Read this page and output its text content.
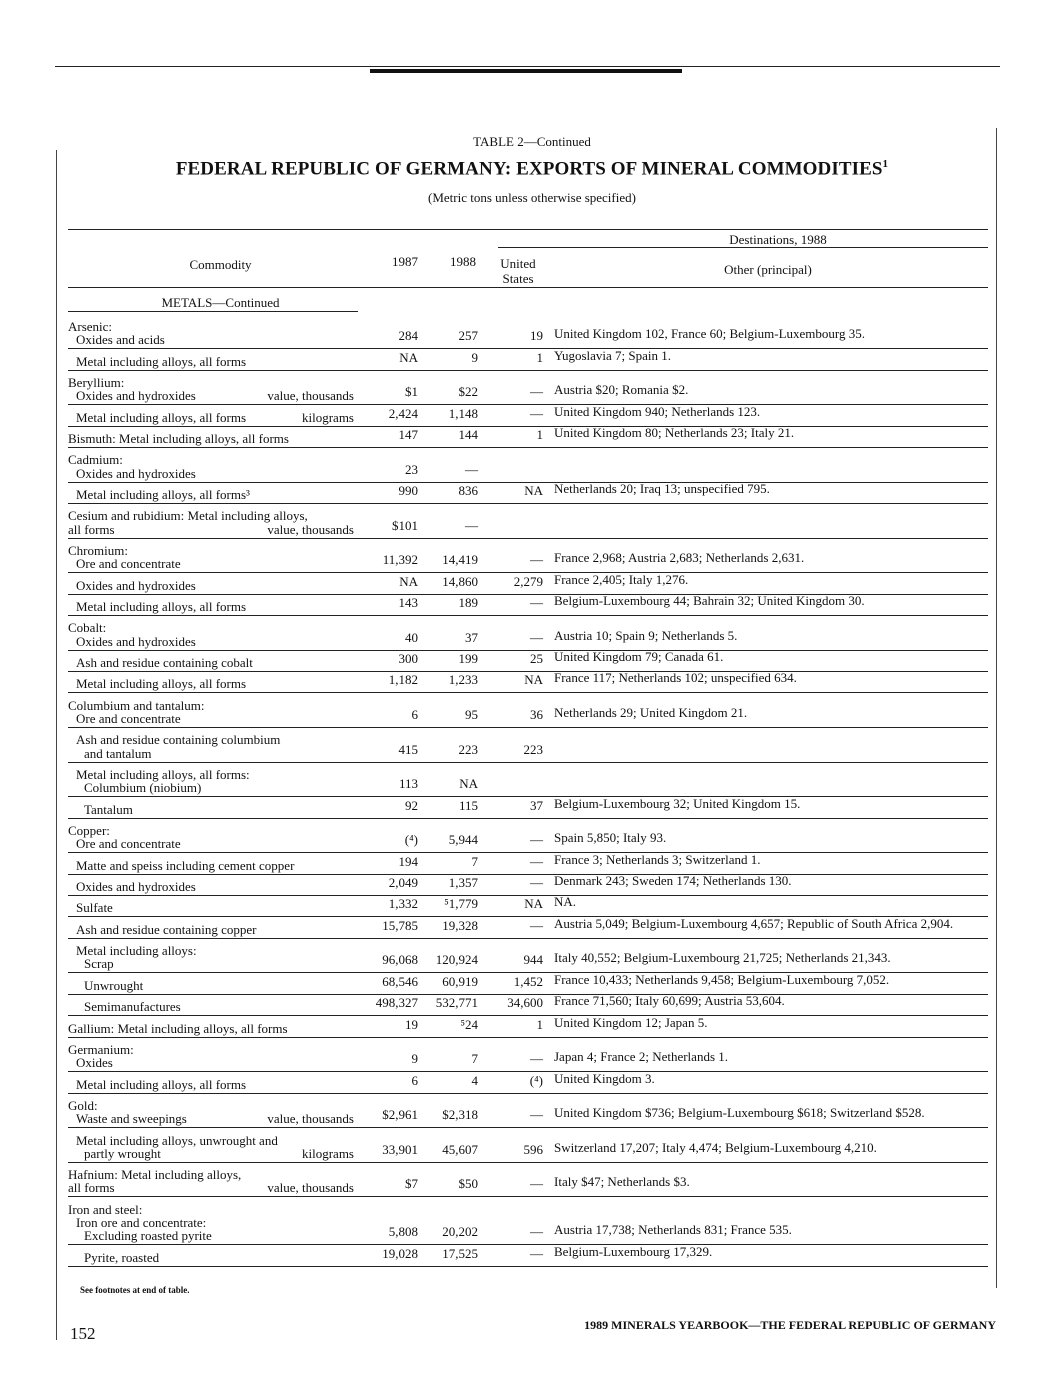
TABLE 2—Continued
FEDERAL REPUBLIC OF GERMANY: EXPORTS OF MINERAL COMMODITIES$^1$
(Metric tons unless otherwise specified)
Destinations, 1988
Commodity	1987	1988	United
States
Other (principal)
METALS—Continued
Arsenic:
Oxides and acids	284	257	19 United Kingdom 102, France 60; Belgium-Luxembourg 35.
Metal including alloys, all forms	NA	9	1 Yugoslavia 7; Spain 1.
Beryllium:
Oxides and hydroxides	value, thousands	$1	$22	— Austria $20; Romania $2.
Metal including alloys, all forms	kilograms	2,424	1,148	— United Kingdom 940; Netherlands 123.
Bismuth: Metal including alloys, all forms	147	144	1 United Kingdom 80; Netherlands 23; Italy 21.
Cadmium:
Oxides and hydroxides	23	—
Metal including alloys, all forms³	990	836	NA Netherlands 20; Iraq 13; unspecified 795.
Cesium and rubidium: Metal including alloys,
all forms	value, thousands	$101	—
Chromium:
Ore and concentrate	11,392	14,419	— France 2,968; Austria 2,683; Netherlands 2,631.
Oxides and hydroxides	NA	14,860	2,279 France 2,405; Italy 1,276.
Metal including alloys, all forms	143	189	— Belgium-Luxembourg 44; Bahrain 32; United Kingdom 30.
Cobalt:
Oxides and hydroxides	40	37	— Austria 10; Spain 9; Netherlands 5.
Ash and residue containing cobalt	300	199	25 United Kingdom 79; Canada 61.
Metal including alloys, all forms	1,182	1,233	NA France 117; Netherlands 102; unspecified 634.
Columbium and tantalum:
Ore and concentrate	6	95	36 Netherlands 29; United Kingdom 21.
Ash and residue containing columbium
and tantalum	415	223	223
Metal including alloys, all forms:
Columbium (niobium)	113	NA
Tantalum	92	115	37 Belgium-Luxembourg 32; United Kingdom 15.
Copper:
Ore and concentrate	(⁴)	5,944	— Spain 5,850; Italy 93.
Matte and speiss including cement copper	194	7	— France 3; Netherlands 3; Switzerland 1.
Oxides and hydroxides	2,049	1,357	— Denmark 243; Sweden 174; Netherlands 130.
Sulfate	1,332	⁵1,779	NA NA.
Ash and residue containing copper	15,785	19,328	— Austria 5,049; Belgium-Luxembourg 4,657; Republic of South Africa 2,904.
Metal including alloys:
Scrap	96,068	120,924	944 Italy 40,552; Belgium-Luxembourg 21,725; Netherlands 21,343.
Unwrought	68,546	60,919	1,452 France 10,433; Netherlands 9,458; Belgium-Luxembourg 7,052.
Semimanufactures	498,327	532,771	34,600 France 71,560; Italy 60,699; Austria 53,604.
Gallium: Metal including alloys, all forms	19	⁵24	1 United Kingdom 12; Japan 5.
Germanium:
Oxides	9	7	— Japan 4; France 2; Netherlands 1.
Metal including alloys, all forms	6	4	(⁴) United Kingdom 3.
Gold:
Waste and sweepings	value, thousands	$2,961	$2,318	— United Kingdom $736; Belgium-Luxembourg $618; Switzerland $528.
Metal including alloys, unwrought and
partly wrought	kilograms	33,901	45,607	596 Switzerland 17,207; Italy 4,474; Belgium-Luxembourg 4,210.
Hafnium: Metal including alloys,
all forms	value, thousands	$7	$50	— Italy $47; Netherlands $3.
Iron and steel:
Iron ore and concentrate:
Excluding roasted pyrite	5,808	20,202	— Austria 17,738; Netherlands 831; France 535.
Pyrite, roasted	19,028	17,525	— Belgium-Luxembourg 17,329.
See footnotes at end of table.
152	1989 MINERALS YEARBOOK—THE FEDERAL REPUBLIC OF GERMANY
